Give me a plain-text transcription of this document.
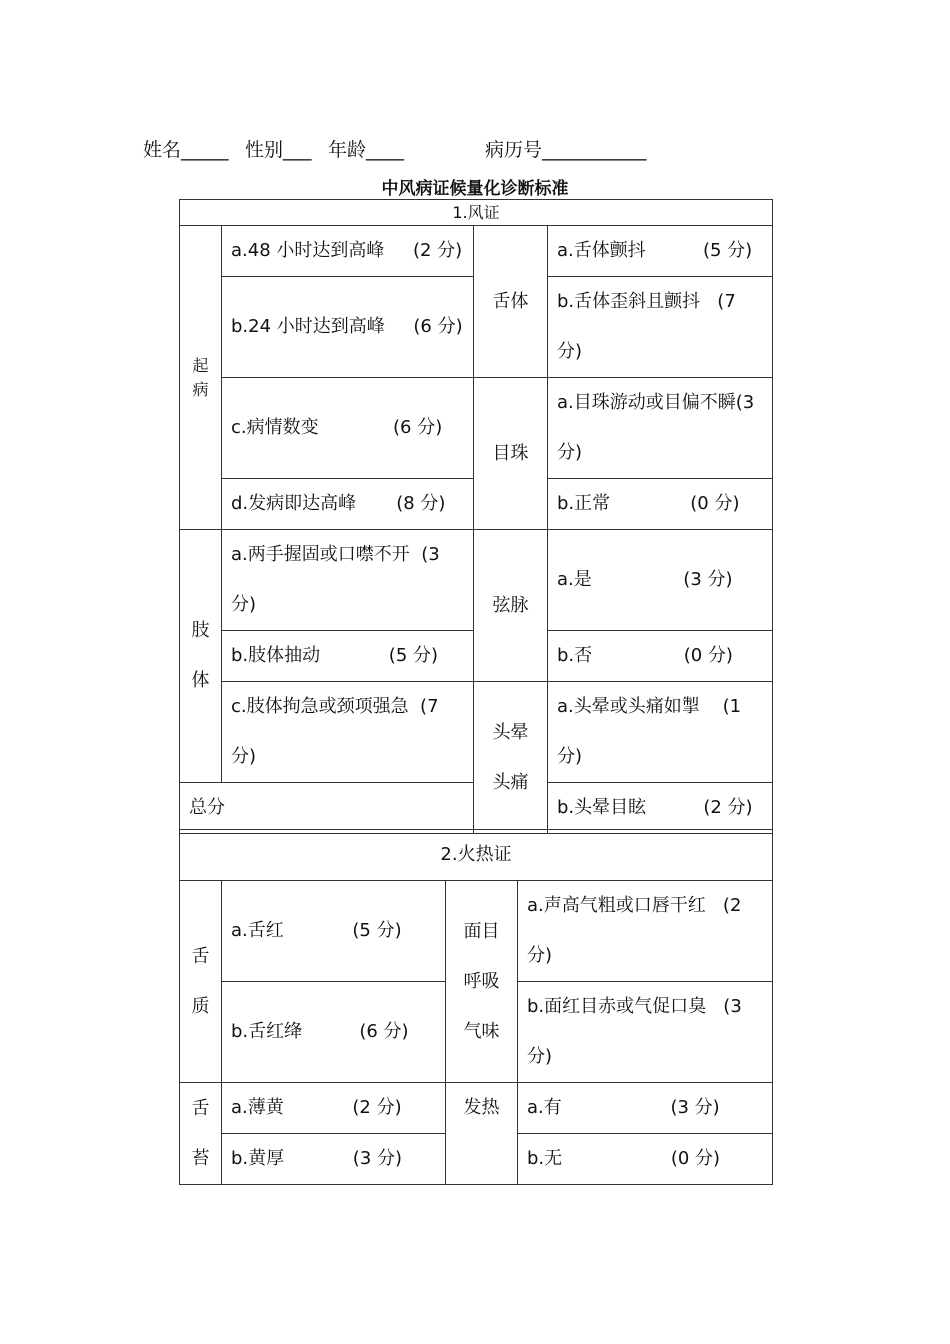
姓名_____ 性别___ 年龄____	病历号___________
中风病证候量化诊断标准
1.风证			
起
病	a.48 小时达到高峰     (2 分)	舌体	a.舌体颤抖          (5 分)
	b.24 小时达到高峰     (6 分)		b.舌体歪斜且颤抖   (7
分)
	c.病情数变             (6 分)	目珠	a.目珠游动或目偏不瞬(3
分)
	d.发病即达高峰       (8 分)		b.正常              (0 分)
肢
体	a.两手握固或口噤不开  (3
分)	弦脉	a.是                (3 分)
	b.肢体抽动            (5 分)		b.否                (0 分)
	c.肢体拘急或颈项强急  (7
分)	头晕
头痛	a.头晕或头痛如掣    (1
分)
总分			b.头晕目眩          (2 分)
2.火热证			
舌
质	a.舌红            (5 分)	面目
呼吸
气味	a.声高气粗或口唇干红   (2
分)
	b.舌红绛          (6 分)		b.面红目赤或气促口臭   (3
分)
舌
苔	a.薄黄            (2 分)	发热	a.有                   (3 分)
	b.黄厚            (3 分)		b.无                   (0 分)
